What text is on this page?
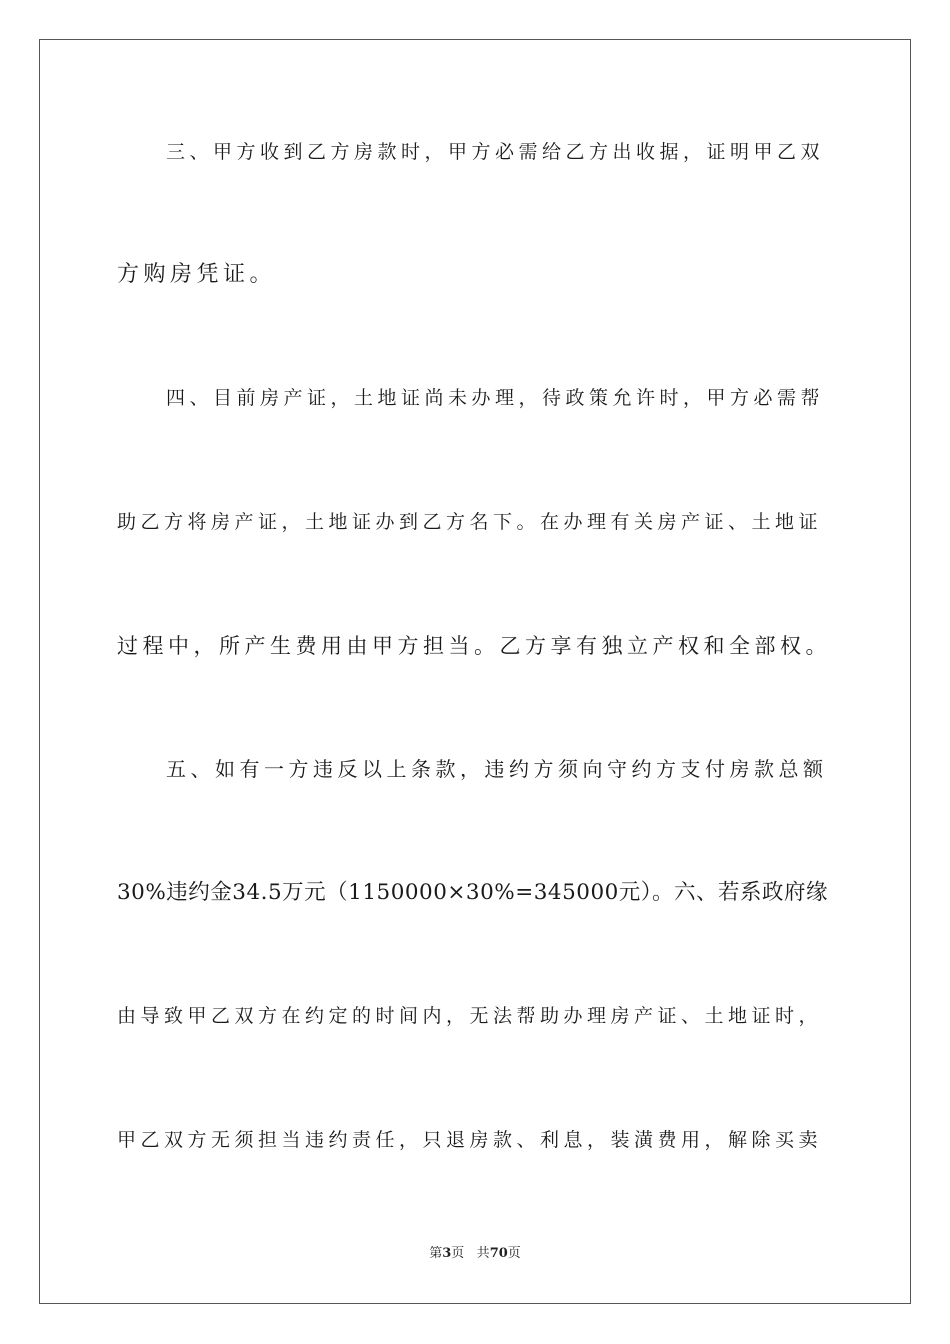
三、甲方收到乙方房款时，甲方必需给乙方出收据，证明甲乙双
方购房凭证。
四、目前房产证，土地证尚未办理，待政策允许时，甲方必需帮
助乙方将房产证，土地证办到乙方名下。在办理有关房产证、土地证
过程中，所产生费用由甲方担当。乙方享有独立产权和全部权。
五、如有一方违反以上条款，违约方须向守约方支付房款总额
30%违约金34.5万元（1150000×30%=345000元）。六、若系政府缘
由导致甲乙双方在约定的时间内，无法帮助办理房产证、土地证时，
甲乙双方无须担当违约责任，只退房款、利息，装潢费用，解除买卖
第3页 共70页
